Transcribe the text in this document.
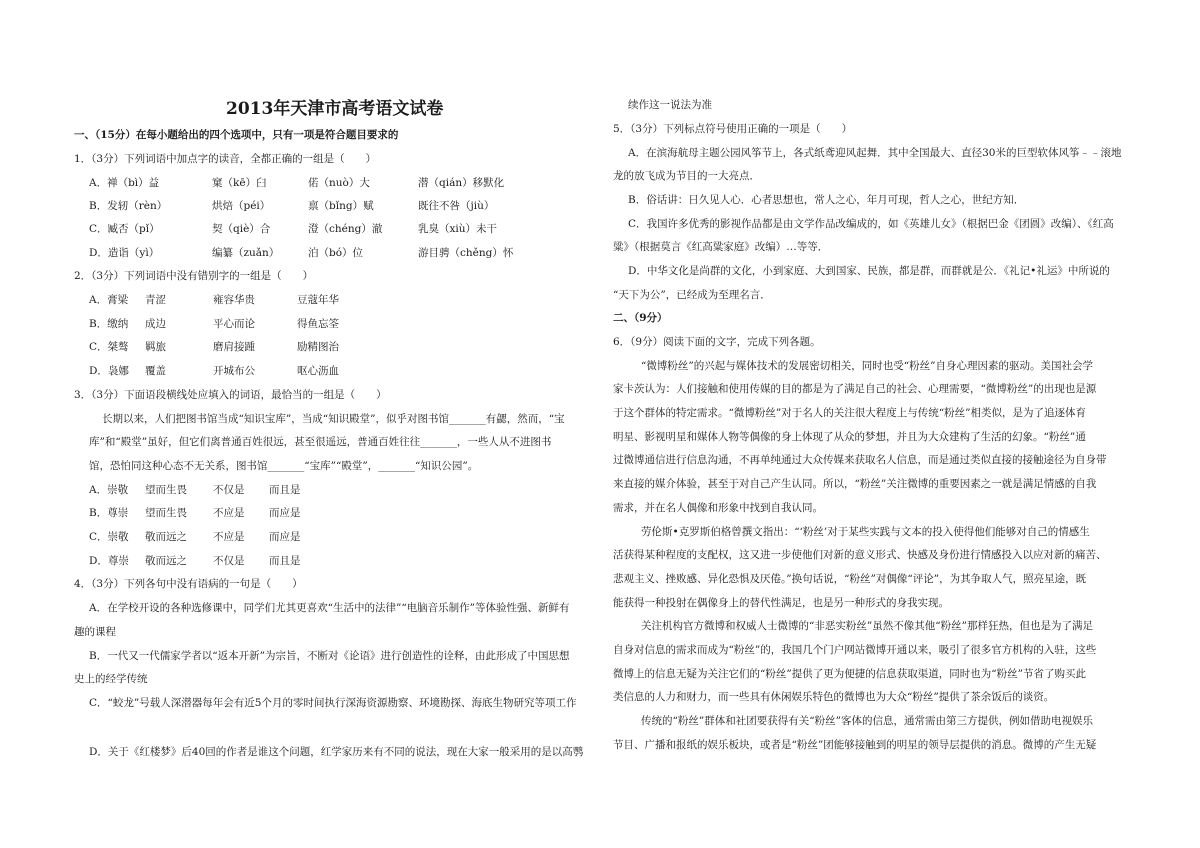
2013年天津市高考语文试卷
一、（15分）在每小题给出的四个选项中，只有一项是符合题目要求的
1．（3分）下列词语中加点字的读音，全都正确的一组是（　　）
A．禅（bì）益	窠（kē）臼	偌（nuò）大	潜（qián）移默化
B．发轫（rèn）	烘焙（péi）	禀（bǐng）赋	既往不咎（jiù）
C．臧否（pǐ）	契（qiè）合	澄（chéng）澈	乳臭（xiù）未干
D．造诣（yì）	编纂（zuǎn）	泊（bó）位	游目骋（chěng）怀
2．（3分）下列词语中没有错别字的一组是（　　）
A．膏梁 青涩	雍容华贵	豆蔻年华
B．缴纳 成边	平心而论	得鱼忘筌
C．桀骜 羁旅	磨肩接踵	励精图治
D．袅娜 覆盖	开城布公	呕心沥血
3．（3分）下面语段横线处应填入的词语，最恰当的一组是（　　）
长期以来，人们把图书馆当成“知识宝库”，当成“知识殿堂”，似乎对图书馆_______有勰，然而，“宝
库”和“殿堂”虽好，但它们离普通百姓很远，甚至很遥远，普通百姓往往_______，一些人从不进图书
馆，恐怕同这种心态不无关系，图书馆_______“宝库”“殿堂”，_______“知识公园”。
A．崇敬 望而生畏 不仅是 而且是
B．尊崇 望而生畏 不应是 而应是
C．崇敬 敬而远之 不应是 而应是
D．尊崇 敬而远之 不仅是 而且是
4．（3分）下列各句中没有语病的一句是（　　）
A．在学校开设的各种选修课中，同学们尤其更喜欢“生活中的法律”“电脑音乐制作”等体验性强、新鲜有
趣的课程
B．一代又一代儒家学者以“返本开新”为宗旨，不断对《论语》进行创造性的诠释，由此形成了中国思想
史上的经学传统
C．“蛟龙”号载人深潜器每年会有近5个月的零时间执行深海资源勘察、环境勘探、海底生物研究等项工作
D．关于《红楼梦》后40回的作者是谁这个问题，红学家历来有不同的说法，现在大家一般采用的是以高鹗
续作这一说法为准
5．（3分）下列标点符号使用正确的一项是（　　）
A．在滨海航母主题公园风筝节上，各式纸鸢迎风起舞．其中全国最大、直径30米的巨型软体风筝﹣﹣滚地
龙的放飞成为节目的一大亮点．
B．俗话讲：日久见人心．心者思想也，常人之心，年月可现，哲人之心，世纪方知．
C．我国许多优秀的影视作品都是由文学作品改编成的，如《英雄儿女》（根据巴金《团圆》改编）、《红高
粱》（根据莫言《红高粱家庭》改编）…等等．
D．中华文化是尚群的文化，小到家庭、大到国家、民族，都是群，而群就是公．《礼记•礼运》中所说的
“天下为公”，已经成为至理名言．
二、（9分）
6．（9分）阅读下面的文字，完成下列各题。
“微博粉丝”的兴起与媒体技术的发展密切相关，同时也受“粉丝”自身心理因素的驱动。美国社会学
家卡茨认为：人们接触和使用传媒的目的都是为了满足自己的社会、心理需要，“微博粉丝”的出现也是源
于这个群体的特定需求。“微博粉丝”对于名人的关注很大程度上与传统“粉丝”相类似，是为了追逐体育
明星、影视明星和媒体人物等偶像的身上体现了从众的梦想，并且为大众建构了生活的幻象。“粉丝”通
过微博通信进行信息沟通，不再单纯通过大众传媒来获取名人信息，而是通过类似直接的接触途径为自身带
来直接的媒介体验，甚至于对自己产生认同。所以，“粉丝”关注微博的重要因素之一就是满足情感的自我
需求，并在名人偶像和形象中找到自我认同。
劳伦斯•克罗斯伯格曾撰文指出：“‘粉丝’对于某些实践与文本的投入使得他们能够对自己的情感生
活获得某种程度的支配权，这又进一步使他们对新的意义形式、快感及身份进行情感投入以应对新的痛苦、
悲观主义、挫败感、异化恐惧及厌倦。”换句话说，“粉丝”对偶像“评论”，为其争取人气，照亮星途，既
能获得一种投射在偶像身上的替代性满足，也是另一种形式的身我实现。
关注机构官方微博和权威人士微博的“非恶实粉丝”虽然不像其他“粉丝”那样狂热，但也是为了满足
自身对信息的需求而成为“粉丝”的，我国几个门户网站微博开通以来，吸引了很多官方机构的入驻，这些
微博上的信息无疑为关注它们的“粉丝”提供了更为便捷的信息获取渠道，同时也为“粉丝”节省了购买此
类信息的人力和财力，而一些具有休闲娱乐特色的微博也为大众“粉丝”提供了茶余饭后的谈资。
传统的“粉丝”群体和社团要获得有关“粉丝”客体的信息，通常需由第三方提供，例如借助电视娱乐
节目、广播和报纸的娱乐板块，或者是“粉丝”团能够接触到的明星的领导层提供的消息。微博的产生无疑
